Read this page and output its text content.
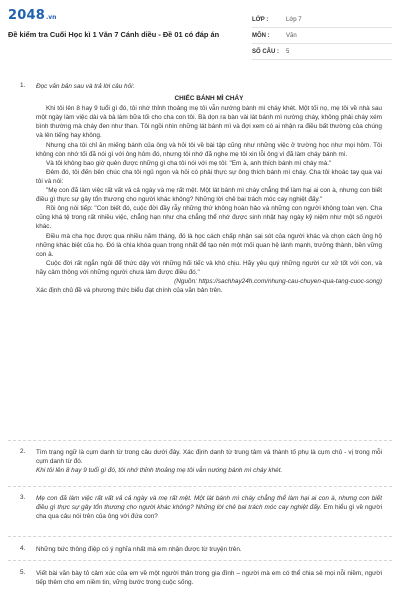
2048 .vn
Đề kiểm tra Cuối Học kì 1 Văn 7 Cánh diều - Đề 01 có đáp án
LỚP :	Lớp 7
MÔN :	Văn
SỐ CÂU :	5
1. Đọc văn bản sau và trả lời câu hỏi:

CHIẾC BÁNH MÌ CHÁY

Khi tôi lên 8 hay 9 tuổi gì đó, tôi nhớ thỉnh thoảng mẹ tôi vẫn nướng bánh mì cháy khét. Một tối nọ, mẹ tôi về nhà sau một ngày làm việc dài và bà làm bữa tối cho cha con tôi. Bà dọn ra bàn vài lát bánh mì nướng cháy, không phải cháy xém bình thường mà cháy đen như than. Tôi ngồi nhìn những lát bánh mì và đợi xem có ai nhận ra điều bất thường của chúng và lên tiếng hay không.

Nhưng cha tôi chỉ ăn miếng bánh của ông và hỏi tôi về bài tập cũng như những việc ở trường học như mọi hôm. Tôi không còn nhớ tối đã nói gì với ông hôm đó, nhưng tôi nhớ đã nghe mẹ tôi xin lỗi ông vì đã làm cháy bánh mì.

Và tôi không bao giờ quên được những gì cha tôi nói với mẹ tôi: "Em à, anh thích bánh mì cháy mà."

Đêm đó, tôi đến bên chúc cha tôi ngủ ngon và hỏi có phải thực sự ông thích bánh mì cháy. Cha tôi khoác tay qua vai tôi và nói:

"Mẹ con đã làm việc rất vất vả cả ngày và mẹ rất mệt. Một lát bánh mì cháy chẳng thể làm hại ai con à, nhưng con biết điều gì thực sự gây tổn thương cho người khác không? Những lời chê bai trách móc cay nghiệt đấy."

Rồi ông nói tiếp: "Con biết đó, cuộc đời đầy rẫy những thứ không hoàn hảo và những con người không toàn vẹn. Cha cũng khá tệ trong rất nhiều việc, chẳng hạn như cha chẳng thể nhớ được sinh nhật hay ngày kỷ niệm như một số người khác.

Điều mà cha học được qua nhiều năm tháng, đó là học cách chấp nhận sai sót của người khác và chọn cách ủng hộ những khác biệt của họ. Đó là chìa khóa quan trọng nhất để tạo nên một mối quan hệ lành mạnh, trưởng thành, bền vững con à.

Cuộc đời rất ngắn ngủi để thức dậy với những hối tiếc và khó chịu. Hãy yêu quý những người cư xử tốt với con, và hãy cảm thông với những người chưa làm được điều đó."

(Nguồn: https://sachhay24h.com/nhung-cau-chuyen-qua-tang-cuoc-song)

Xác định chủ đề và phương thức biểu đạt chính của văn bản trên.

2. Tìm trạng ngữ là cụm danh từ trong câu dưới đây. Xác định danh từ trung tâm và thành tố phụ là cụm chủ - vị trong mỗi cụm danh từ đó.

Khi tôi lên 8 hay 9 tuổi gì đó, tôi nhớ thỉnh thoảng mẹ tôi vẫn nướng bánh mì cháy khét.

3. Mẹ con đã làm việc rất vất vả cả ngày và mẹ rất mệt. Một lát bánh mì cháy chẳng thể làm hại ai con à, nhưng con biết điều gì thực sự gây tổn thương cho người khác không? Những lời chê bai trách móc cay nghiệt đấy. Em hiểu gì về người cha qua câu nói trên của ông với đứa con?

4. Những bức thông điệp có ý nghĩa nhất mà em nhận được từ truyện trên.

5. Viết bài văn bày tỏ cảm xúc của em về một người thân trong gia đình – người mà em có thể chia sẻ mọi nỗi niềm, người tiếp thêm cho em niềm tin, vững bước trong cuộc sống.
